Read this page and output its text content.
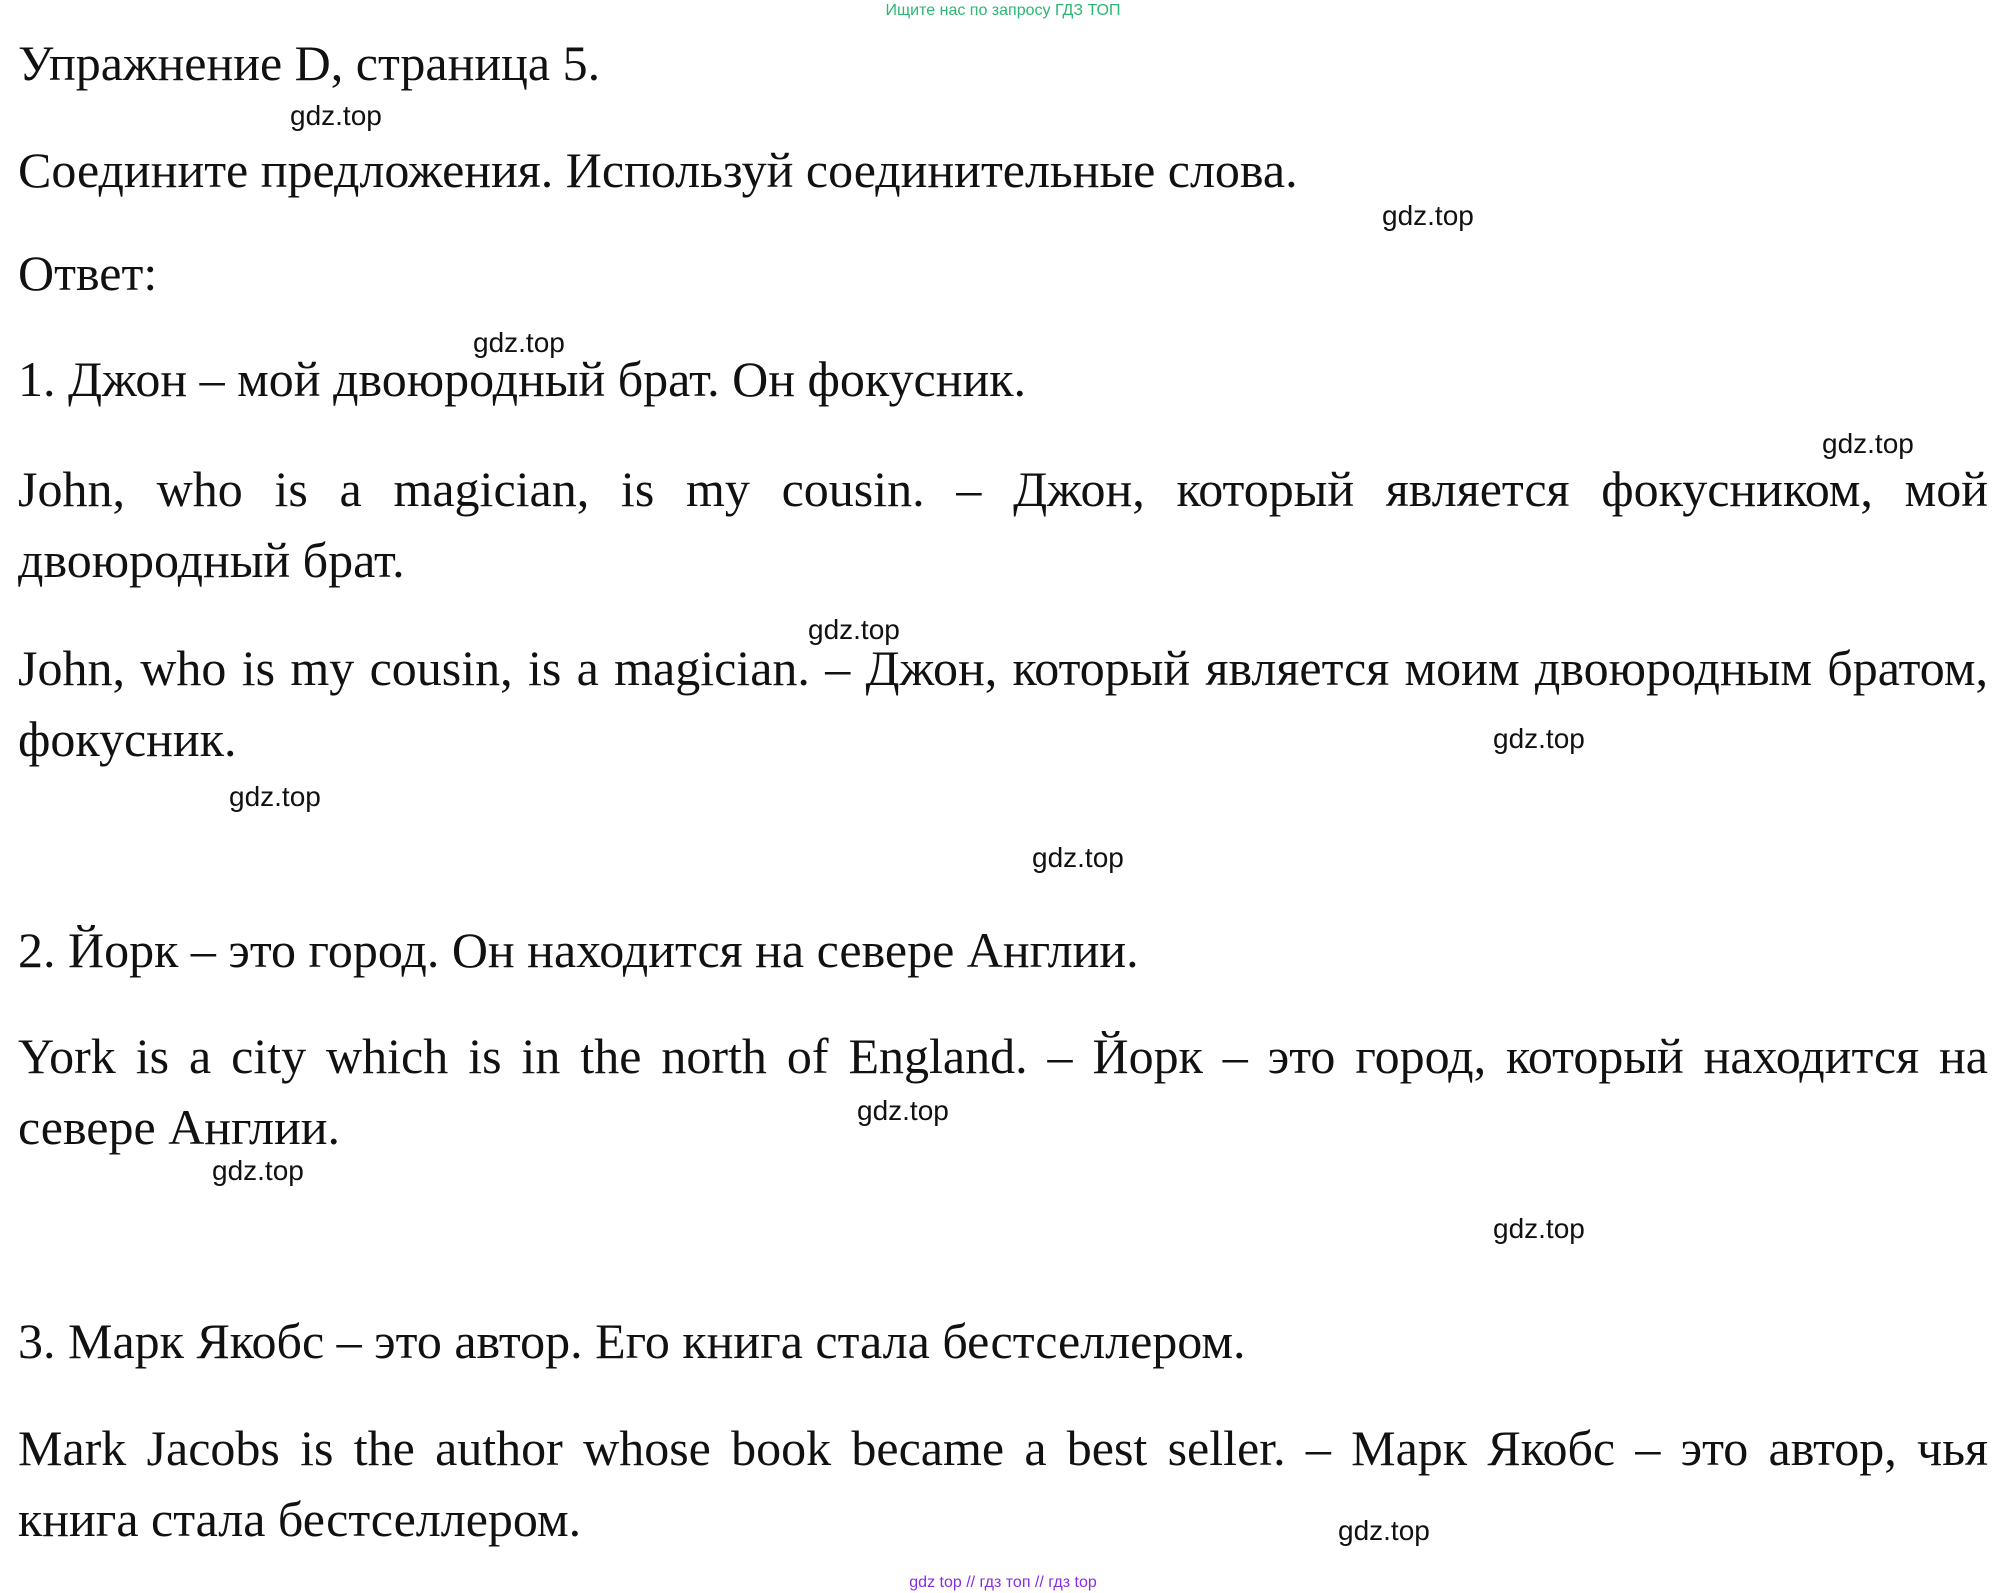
Ищите нас по запросу ГДЗ ТОП
Упражнение D, страница 5.
Соедините предложения. Используй соединительные слова.
Ответ:
1. Джон – мой двоюродный брат. Он фокусник.
John, who is a magician, is my cousin. – Джон, который является фокусником, мой двоюродный брат.
John, who is my cousin, is a magician. – Джон, который является моим двоюродным братом, фокусник.
2. Йорк – это город. Он находится на севере Англии.
York is a city which is in the north of England. – Йорк – это город, который находится на севере Англии.
3. Марк Якобс – это автор. Его книга стала бестселлером.
Mark Jacobs is the author whose book became a best seller. – Марк Якобс – это автор, чья книга стала бестселлером.
gdz.top
gdz.top
gdz.top
gdz.top
gdz.top
gdz.top
gdz.top
gdz.top
gdz.top
gdz.top
gdz.top
gdz.top
gdz top // гдз топ // гдз top
